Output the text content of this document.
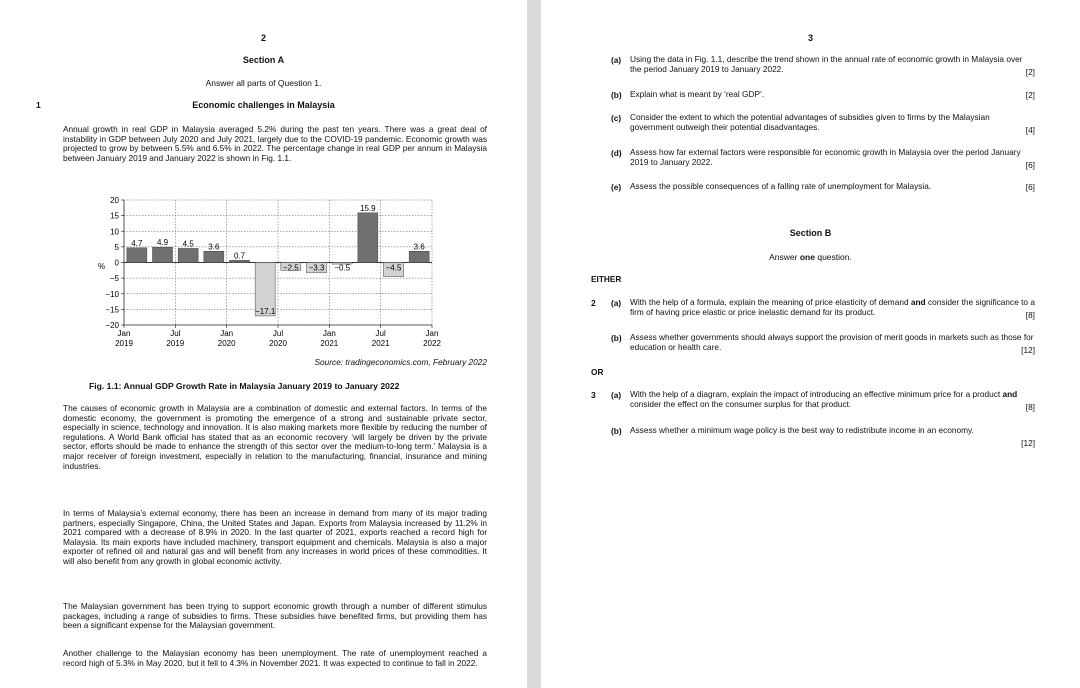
2
Section A
Answer all parts of Question 1.
1	Economic challenges in Malaysia

Annual growth in real GDP in Malaysia averaged 5.2% during the past ten years. There was a great deal of instability in GDP between July 2020 and July 2021, largely due to the COVID-19 pandemic. Economic growth was projected to grow by between 5.5% and 6.5% in 2022. The percentage change in real GDP per annum in Malaysia between January 2019 and January 2022 is shown in Fig. 1.1.

%
4.7 4.9 4.5 3.6
0.7
−17.1
−2.5 −3.3 −0.5
15.9
−4.5
3.6
20
15
10
5
0
−5
−10
−15
−20
Jan
2019
Jul
2019
Jan
2020
Jul
2020
Jan
2021
Jul
2021
Jan
2022
Source: tradingeconomics.com, February 2022
Fig. 1.1: Annual GDP Growth Rate in Malaysia January 2019 to January 2022

The causes of economic growth in Malaysia are a combination of domestic and external factors. In terms of the domestic economy, the government is promoting the emergence of a strong and sustainable private sector, especially in science, technology and innovation. It is also making markets more flexible by reducing the number of regulations. A World Bank official has stated that as an economic recovery ‘will largely be driven by the private sector, efforts should be made to enhance the strength of this sector over the medium-to-long term.’ Malaysia is a major receiver of foreign investment, especially in relation to the manufacturing, financial, insurance and mining industries.

In terms of Malaysia’s external economy, there has been an increase in demand from many of its major trading partners, especially Singapore, China, the United States and Japan. Exports from Malaysia increased by 11.2% in 2021 compared with a decrease of 8.9% in 2020. In the last quarter of 2021, exports reached a record high for Malaysia. Its main exports have included machinery, transport equipment and chemicals. Malaysia is also a major exporter of refined oil and natural gas and will benefit from any increases in world prices of these commodities. It will also benefit from any growth in global economic activity.

The Malaysian government has been trying to support economic growth through a number of different stimulus packages, including a range of subsidies to firms. These subsidies have benefited firms, but providing them has been a significant expense for the Malaysian government.

Another challenge to the Malaysian economy has been unemployment. The rate of unemployment reached a record high of 5.3% in May 2020, but it fell to 4.3% in November 2021. It was expected to continue to fall in 2022.

3
(a) Using the data in Fig. 1.1, describe the trend shown in the annual rate of economic growth in Malaysia over the period January 2019 to January 2022.	[2]
(b) Explain what is meant by ‘real GDP’.	[2]
(c) Consider the extent to which the potential advantages of subsidies given to firms by the Malaysian government outweigh their potential disadvantages.	[4]
(d) Assess how far external factors were responsible for economic growth in Malaysia over the period January 2019 to January 2022.	[6]
(e) Assess the possible consequences of a falling rate of unemployment for Malaysia.	[6]
Section B
Answer one question.
EITHER
2 (a) With the help of a formula, explain the meaning of price elasticity of demand and consider the significance to a firm of having price elastic or price inelastic demand for its product.	[8]
(b) Assess whether governments should always support the provision of merit goods in markets such as those for education or health care.	[12]
OR
3 (a) With the help of a diagram, explain the impact of introducing an effective minimum price for a product and consider the effect on the consumer surplus for that product.	[8]
(b) Assess whether a minimum wage policy is the best way to redistribute income in an economy.
[12]
